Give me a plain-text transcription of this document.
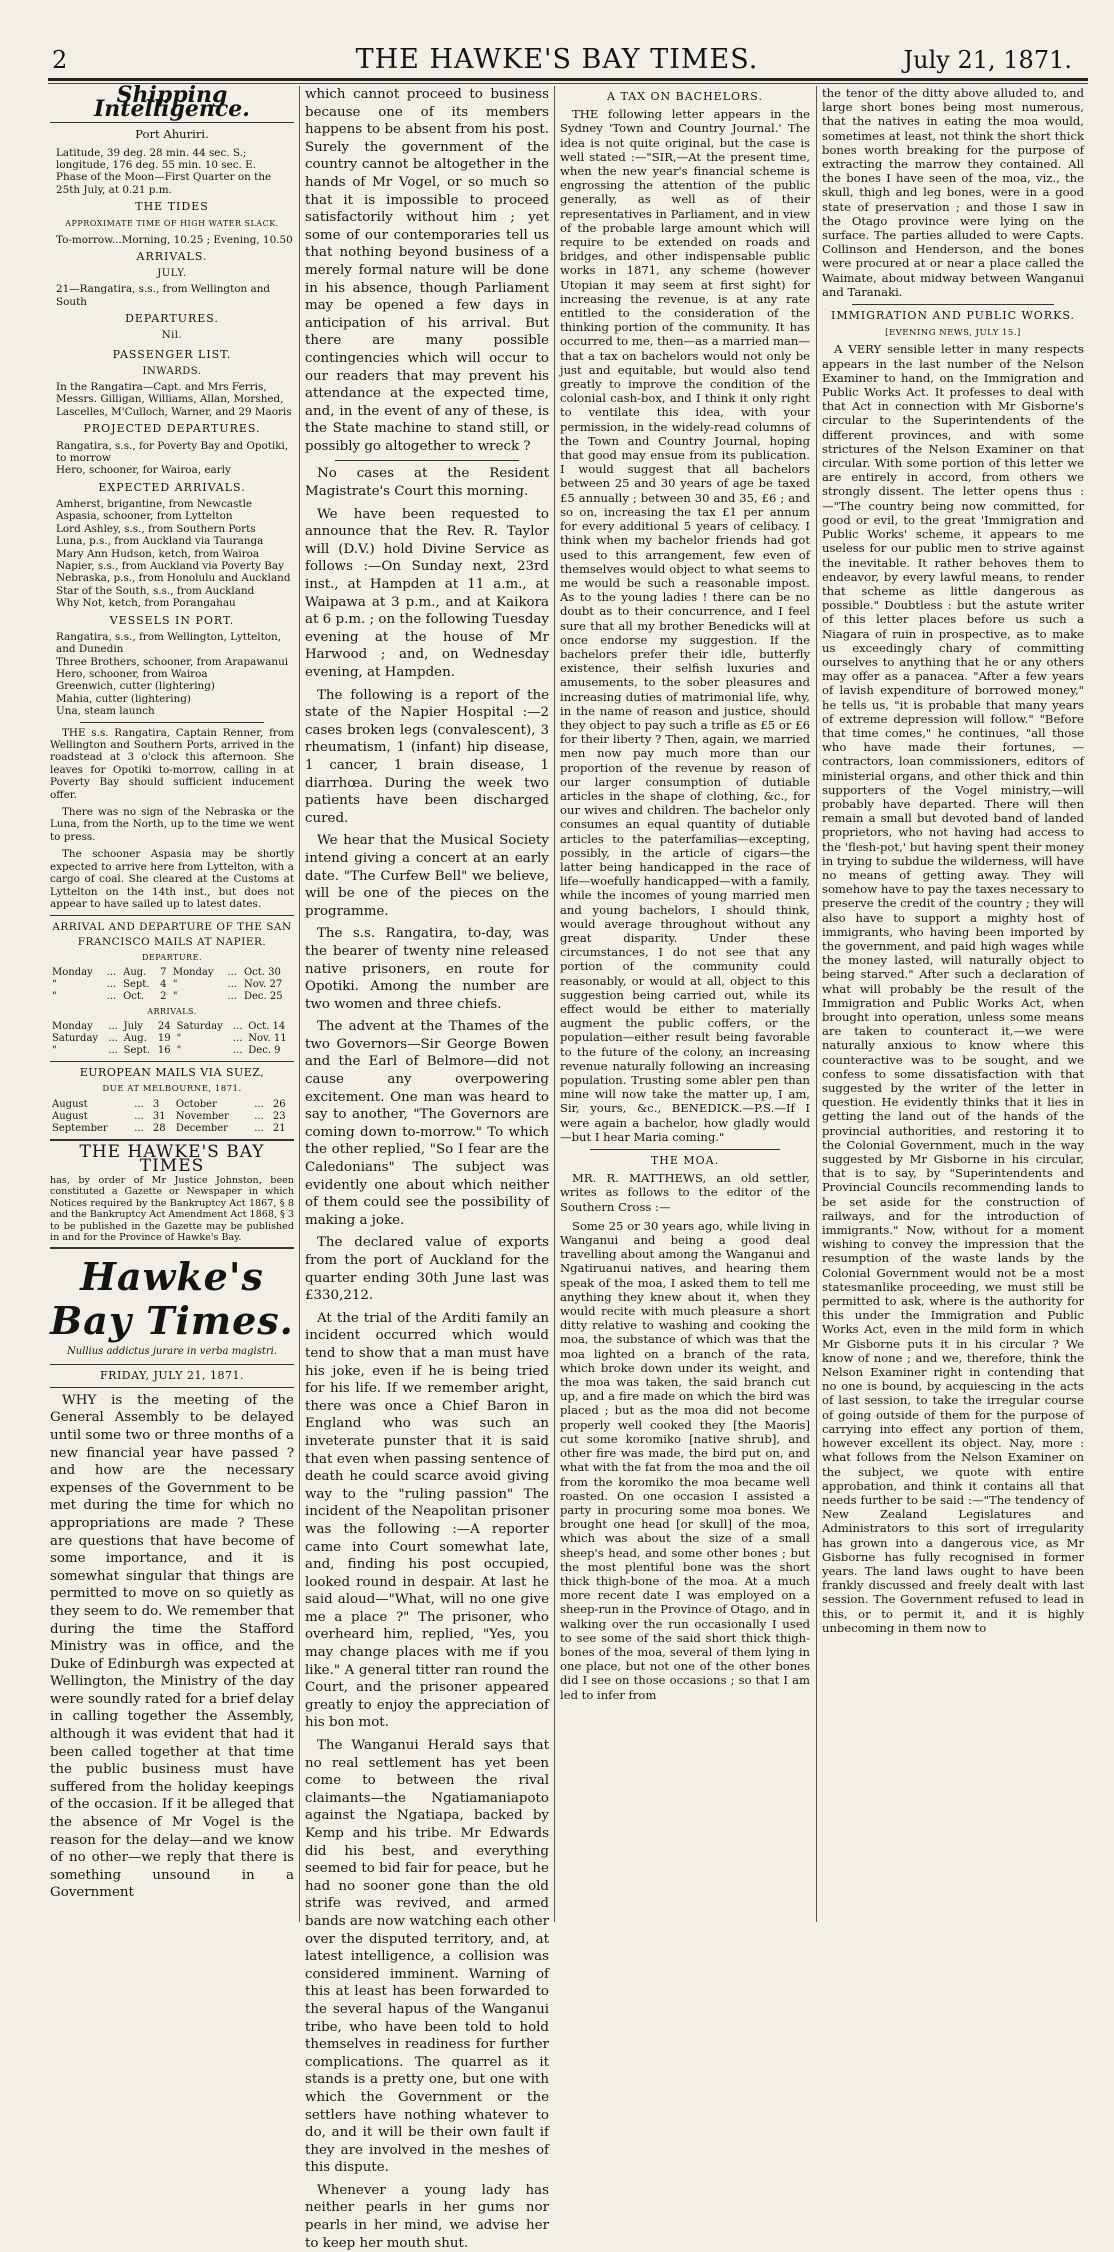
2	THE HAWKE'S BAY TIMES.	July 21, 1871.
Shipping Intelligence.

Port Ahuriri.

Latitude, 39 deg. 28 min. 44 sec. S.; longitude, 176 deg. 55 min. 10 sec. E.

Phase of the Moon—First Quarter on the 25th July, at 0.21 p.m.

THE TIDES
APPROXIMATE TIME OF HIGH WATER SLACK.

To-morrow...Morning, 10.25 ; Evening, 10.50

ARRIVALS.
JULY.

21—Rangatira, s.s., from Wellington and South

DEPARTURES.
Nil.
PASSENGER LIST.
INWARDS.

In the Rangatira—Capt. and Mrs Ferris, Messrs. Gilligan, Williams, Allan, Morshed, Lascelles, M'Culloch, Warner, and 29 Maoris

PROJECTED DEPARTURES.

Rangatira, s.s., for Poverty Bay and Opotiki, to morrow

Hero, schooner, for Wairoa, early

EXPECTED ARRIVALS.

Amherst, brigantine, from Newcastle

Aspasia, schooner, from Lyttelton

Lord Ashley, s.s., from Southern Ports

Luna, p.s., from Auckland via Tauranga

Mary Ann Hudson, ketch, from Wairoa

Napier, s.s., from Auckland via Poverty Bay

Nebraska, p.s., from Honolulu and Auckland

Star of the South, s.s., from Auckland

Why Not, ketch, from Porangahau

VESSELS IN PORT.

Rangatira, s.s., from Wellington, Lyttelton, and Dunedin

Three Brothers, schooner, from Arapawanui

Hero, schooner, from Wairoa

Greenwich, cutter (lightering)

Mahia, cutter (lightering)

Una, steam launch

THE s.s. Rangatira, Captain Renner, from Wellington and Southern Ports, arrived in the roadstead at 3 o'clock this afternoon. She leaves for Opotiki to-morrow, calling in at Poverty Bay should sufficient inducement offer.

There was no sign of the Nebraska or the Luna, from the North, up to the time we went to press.

The schooner Aspasia may be shortly expected to arrive here from Lyttelton, with a cargo of coal. She cleared at the Customs at Lyttelton on the 14th inst., but does not appear to have sailed up to latest dates.

ARRIVAL AND DEPARTURE OF THE SAN FRANCISCO MAILS AT NAPIER.
DEPARTURE.
Monday	...	Aug.	7	Monday	...	Oct. 30
"	...	Sept.	4	"	...	Nov. 27
"	...	Oct.	2	"	...	Dec. 25
ARRIVALS.
Monday	...	July	24	Saturday	...	Oct. 14
Saturday	...	Aug.	19	"	...	Nov. 11
"	...	Sept.	16	"	...	Dec. 9
EUROPEAN MAILS VIA SUEZ,
DUE AT MELBOURNE, 1871.
August	...	3	October	...	26
August	...	31	November	...	23
September	...	28	December	...	21
THE HAWKE'S BAY TIMES

has, by order of Mr Justice Johnston, been constituted a Gazette or Newspaper in which Notices required by the Bankruptcy Act 1867, § 8 and the Bankruptcy Act Amendment Act 1868, § 3 to be published in the Gazette may be published in and for the Province of Hawke's Bay.

Hawke's Bay Times.
Nullius addictus jurare in verba magistri.
FRIDAY, JULY 21, 1871.

WHY is the meeting of the General Assembly to be delayed until some two or three months of a new financial year have passed ? and how are the necessary expenses of the Government to be met during the time for which no appropriations are made ? These are questions that have become of some importance, and it is somewhat singular that things are permitted to move on so quietly as they seem to do. We remember that during the time the Stafford Ministry was in office, and the Duke of Edinburgh was expected at Wellington, the Ministry of the day were soundly rated for a brief delay in calling together the Assembly, although it was evident that had it been called together at that time the public business must have suffered from the holiday keepings of the occasion. If it be alleged that the absence of Mr Vogel is the reason for the delay—and we know of no other—we reply that there is something unsound in a Government

which cannot proceed to business because one of its members happens to be absent from his post. Surely the government of the country cannot be altogether in the hands of Mr Vogel, or so much so that it is impossible to proceed satisfactorily without him ; yet some of our contemporaries tell us that nothing beyond business of a merely formal nature will be done in his absence, though Parliament may be opened a few days in anticipation of his arrival. But there are many possible contingencies which will occur to our readers that may prevent his attendance at the expected time, and, in the event of any of these, is the State machine to stand still, or possibly go altogether to wreck ?

No cases at the Resident Magistrate's Court this morning.

We have been requested to announce that the Rev. R. Taylor will (D.V.) hold Divine Service as follows :—On Sunday next, 23rd inst., at Hampden at 11 a.m., at Waipawa at 3 p.m., and at Kaikora at 6 p.m. ; on the following Tuesday evening at the house of Mr Harwood ; and, on Wednesday evening, at Hampden.

The following is a report of the state of the Napier Hospital :—2 cases broken legs (convalescent), 3 rheumatism, 1 (infant) hip disease, 1 cancer, 1 brain disease, 1 diarrhœa. During the week two patients have been discharged cured.

We hear that the Musical Society intend giving a concert at an early date. "The Curfew Bell" we believe, will be one of the pieces on the programme.

The s.s. Rangatira, to-day, was the bearer of twenty nine released native prisoners, en route for Opotiki. Among the number are two women and three chiefs.

The advent at the Thames of the two Governors—Sir George Bowen and the Earl of Belmore—did not cause any overpowering excitement. One man was heard to say to another, "The Governors are coming down to-morrow." To which the other replied, "So I fear are the Caledonians" The subject was evidently one about which neither of them could see the possibility of making a joke.

The declared value of exports from the port of Auckland for the quarter ending 30th June last was £330,212.

At the trial of the Arditi family an incident occurred which would tend to show that a man must have his joke, even if he is being tried for his life. If we remember aright, there was once a Chief Baron in England who was such an inveterate punster that it is said that even when passing sentence of death he could scarce avoid giving way to the "ruling passion" The incident of the Neapolitan prisoner was the following :—A reporter came into Court somewhat late, and, finding his post occupied, looked round in despair. At last he said aloud—"What, will no one give me a place ?" The prisoner, who overheard him, replied, "Yes, you may change places with me if you like." A general titter ran round the Court, and the prisoner appeared greatly to enjoy the appreciation of his bon mot.

The Wanganui Herald says that no real settlement has yet been come to between the rival claimants—the Ngatiamaniapoto against the Ngatiapa, backed by Kemp and his tribe. Mr Edwards did his best, and everything seemed to bid fair for peace, but he had no sooner gone than the old strife was revived, and armed bands are now watching each other over the disputed territory, and, at latest intelligence, a collision was considered imminent. Warning of this at least has been forwarded to the several hapus of the Wanganui tribe, who have been told to hold themselves in readiness for further complications. The quarrel as it stands is a pretty one, but one with which the Government or the settlers have nothing whatever to do, and it will be their own fault if they are involved in the meshes of this dispute.

Whenever a young lady has neither pearls in her gums nor pearls in her mind, we advise her to keep her mouth shut.

A TAX ON BACHELORS.

THE following letter appears in the Sydney 'Town and Country Journal.' The idea is not quite original, but the case is well stated :—"SIR,—At the present time, when the new year's financial scheme is engrossing the attention of the public generally, as well as of their representatives in Parliament, and in view of the probable large amount which will require to be extended on roads and bridges, and other indispensable public works in 1871, any scheme (however Utopian it may seem at first sight) for increasing the revenue, is at any rate entitled to the consideration of the thinking portion of the community. It has occurred to me, then—as a married man—that a tax on bachelors would not only be just and equitable, but would also tend greatly to improve the condition of the colonial cash-box, and I think it only right to ventilate this idea, with your permission, in the widely-read columns of the Town and Country Journal, hoping that good may ensue from its publication. I would suggest that all bachelors between 25 and 30 years of age be taxed £5 annually ; between 30 and 35, £6 ; and so on, increasing the tax £1 per annum for every additional 5 years of celibacy. I think when my bachelor friends had got used to this arrangement, few even of themselves would object to what seems to me would be such a reasonable impost. As to the young ladies ! there can be no doubt as to their concurrence, and I feel sure that all my brother Benedicks will at once endorse my suggestion. If the bachelors prefer their idle, butterfly existence, their selfish luxuries and amusements, to the sober pleasures and increasing duties of matrimonial life, why, in the name of reason and justice, should they object to pay such a trifle as £5 or £6 for their liberty ? Then, again, we married men now pay much more than our proportion of the revenue by reason of our larger consumption of dutiable articles in the shape of clothing, &c., for our wives and children. The bachelor only consumes an equal quantity of dutiable articles to the paterfamilias—excepting, possibly, in the article of cigars—the latter being handicapped in the race of life—woefully handicapped—with a family, while the incomes of young married men and young bachelors, I should think, would average throughout without any great disparity. Under these circumstances, I do not see that any portion of the community could reasonably, or would at all, object to this suggestion being carried out, while its effect would be either to materially augment the public coffers, or the population—either result being favorable to the future of the colony, an increasing revenue naturally following an increasing population. Trusting some abler pen than mine will now take the matter up, I am, Sir, yours, &c., BENEDICK.—P.S.—If I were again a bachelor, how gladly would—but I hear Maria coming."

THE MOA.

MR. R. MATTHEWS, an old settler, writes as follows to the editor of the Southern Cross :—

Some 25 or 30 years ago, while living in Wanganui and being a good deal travelling about among the Wanganui and Ngatiruanui natives, and hearing them speak of the moa, I asked them to tell me anything they knew about it, when they would recite with much pleasure a short ditty relative to washing and cooking the moa, the substance of which was that the moa lighted on a branch of the rata, which broke down under its weight, and the moa was taken, the said branch cut up, and a fire made on which the bird was placed ; but as the moa did not become properly well cooked they [the Maoris] cut some koromiko [native shrub], and other fire was made, the bird put on, and what with the fat from the moa and the oil from the koromiko the moa became well roasted. On one occasion I assisted a party in procuring some moa bones. We brought one head [or skull] of the moa, which was about the size of a small sheep's head, and some other bones ; but the most plentiful bone was the short thick thigh-bone of the moa. At a much more recent date I was employed on a sheep-run in the Province of Otago, and in walking over the run occasionally I used to see some of the said short thick thigh-bones of the moa, several of them lying in one place, but not one of the other bones did I see on those occasions ; so that I am led to infer from

the tenor of the ditty above alluded to, and large short bones being most numerous, that the natives in eating the moa would, sometimes at least, not think the short thick bones worth breaking for the purpose of extracting the marrow they contained. All the bones I have seen of the moa, viz., the skull, thigh and leg bones, were in a good state of preservation ; and those I saw in the Otago province were lying on the surface. The parties alluded to were Capts. Collinson and Henderson, and the bones were procured at or near a place called the Waimate, about midway between Wanganui and Taranaki.

IMMIGRATION AND PUBLIC WORKS.
[EVENING NEWS, JULY 15.]

A VERY sensible letter in many respects appears in the last number of the Nelson Examiner to hand, on the Immigration and Public Works Act. It professes to deal with that Act in connection with Mr Gisborne's circular to the Superintendents of the different provinces, and with some strictures of the Nelson Examiner on that circular. With some portion of this letter we are entirely in accord, from others we strongly dissent. The letter opens thus :—"The country being now committed, for good or evil, to the great 'Immigration and Public Works' scheme, it appears to me useless for our public men to strive against the inevitable. It rather behoves them to endeavor, by every lawful means, to render that scheme as little dangerous as possible." Doubtless : but the astute writer of this letter places before us such a Niagara of ruin in prospective, as to make us exceedingly chary of committing ourselves to anything that he or any others may offer as a panacea. "After a few years of lavish expenditure of borrowed money," he tells us, "it is probable that many years of extreme depression will follow." "Before that time comes," he continues, "all those who have made their fortunes, —contractors, loan commissioners, editors of ministerial organs, and other thick and thin supporters of the Vogel ministry,—will probably have departed. There will then remain a small but devoted band of landed proprietors, who not having had access to the 'flesh-pot,' but having spent their money in trying to subdue the wilderness, will have no means of getting away. They will somehow have to pay the taxes necessary to preserve the credit of the country ; they will also have to support a mighty host of immigrants, who having been imported by the government, and paid high wages while the money lasted, will naturally object to being starved." After such a declaration of what will probably be the result of the Immigration and Public Works Act, when brought into operation, unless some means are taken to counteract it,—we were naturally anxious to know where this counteractive was to be sought, and we confess to some dissatisfaction with that suggested by the writer of the letter in question. He evidently thinks that it lies in getting the land out of the hands of the provincial authorities, and restoring it to the Colonial Government, much in the way suggested by Mr Gisborne in his circular, that is to say, by "Superintendents and Provincial Councils recommending lands to be set aside for the construction of railways, and for the introduction of immigrants." Now, without for a moment wishing to convey the impression that the resumption of the waste lands by the Colonial Government would not be a most statesmanlike proceeding, we must still be permitted to ask, where is the authority for this under the Immigration and Public Works Act, even in the mild form in which Mr Gisborne puts it in his circular ? We know of none ; and we, therefore, think the Nelson Examiner right in contending that no one is bound, by acquiescing in the acts of last session, to take the irregular course of going outside of them for the purpose of carrying into effect any portion of them, however excellent its object. Nay, more : what follows from the Nelson Examiner on the subject, we quote with entire approbation, and think it contains all that needs further to be said :—"The tendency of New Zealand Legislatures and Administrators to this sort of irregularity has grown into a dangerous vice, as Mr Gisborne has fully recognised in former years. The land laws ought to have been frankly discussed and freely dealt with last session. The Government refused to lead in this, or to permit it, and it is highly unbecoming in them now to
